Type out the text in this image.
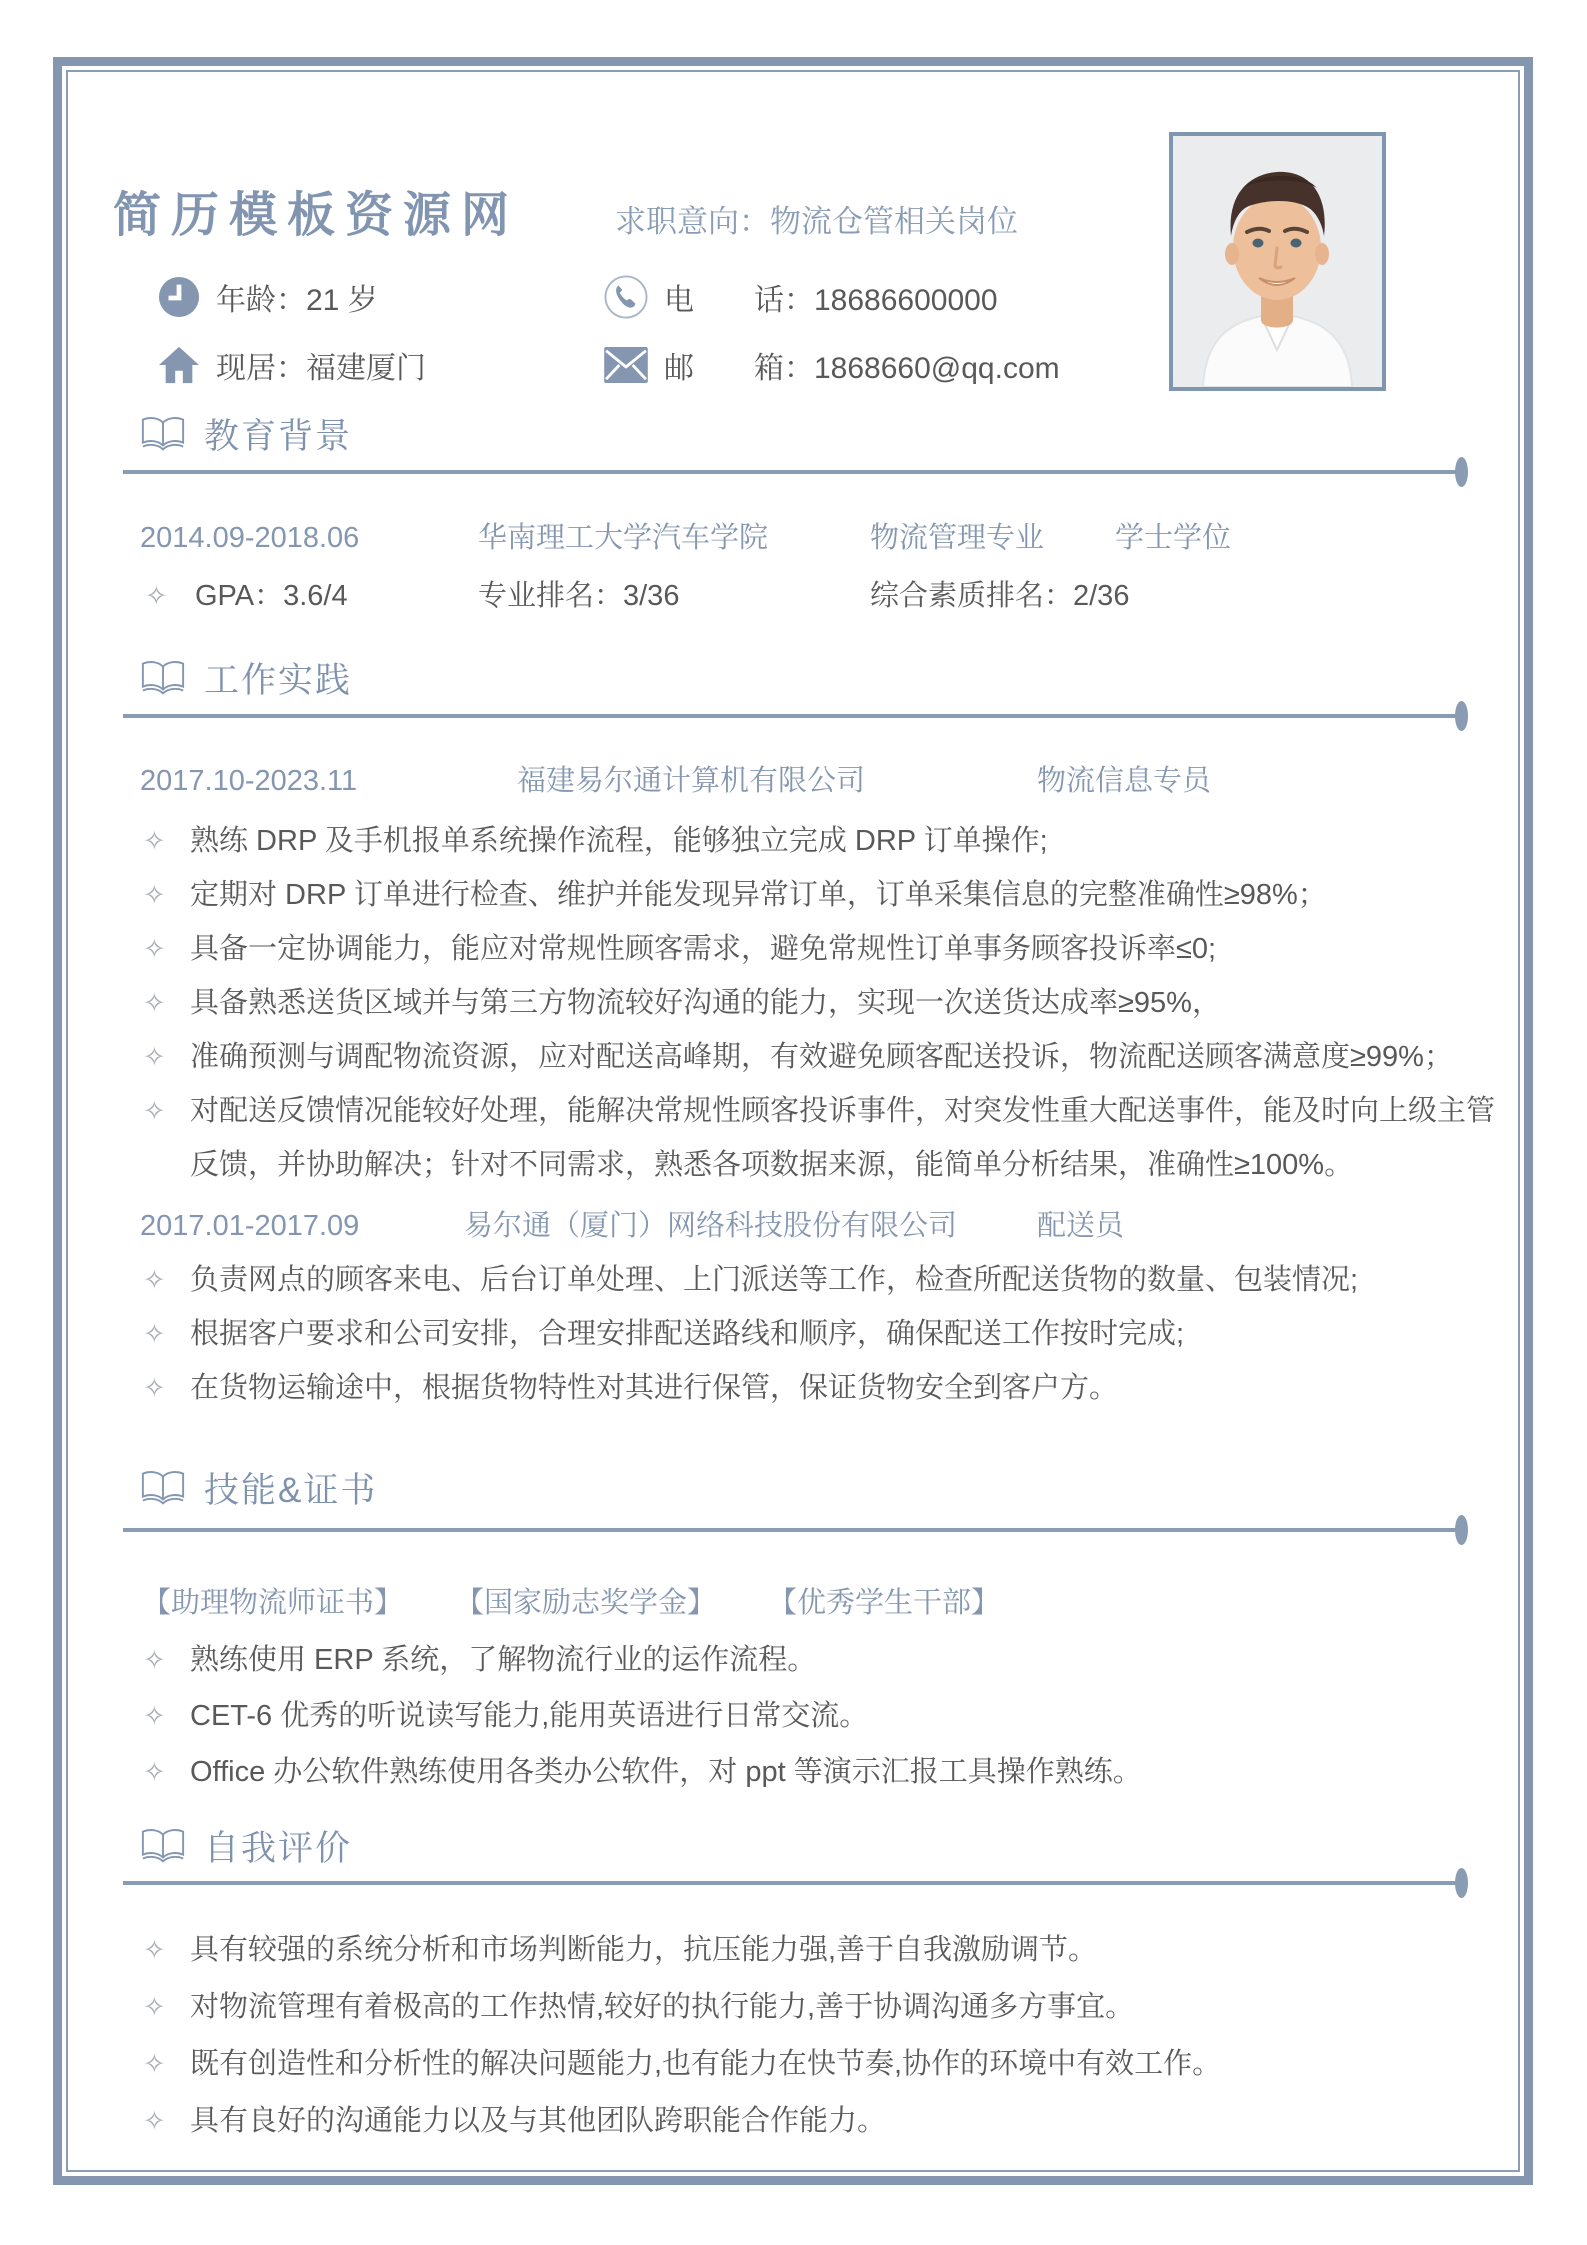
简历模板资源网	求职意向：物流仓管相关岗位
年龄：21 岁	电　　话：18686600000
现居：福建厦门	邮　　箱：1868660@qq.com
教育背景
2014.09-2018.06	华南理工大学汽车学院	物流管理专业	学士学位
✧ GPA：3.6/4	专业排名：3/36	综合素质排名：2/36
工作实践
2017.10-2023.11	福建易尔通计算机有限公司	物流信息专员
✧ 熟练 DRP 及手机报单系统操作流程，能够独立完成 DRP 订单操作;
✧ 定期对 DRP 订单进行检查、维护并能发现异常订单，订单采集信息的完整准确性≥98%；
✧ 具备一定协调能力，能应对常规性顾客需求，避免常规性订单事务顾客投诉率≤0;
✧ 具备熟悉送货区域并与第三方物流较好沟通的能力，实现一次送货达成率≥95%，
✧ 准确预测与调配物流资源，应对配送高峰期，有效避免顾客配送投诉，物流配送顾客满意度≥99%；
✧ 对配送反馈情况能较好处理，能解决常规性顾客投诉事件，对突发性重大配送事件，能及时向上级主管反馈，并协助解决；针对不同需求，熟悉各项数据来源，能简单分析结果，准确性≥100%。
2017.01-2017.09	易尔通（厦门）网络科技股份有限公司	配送员
✧ 负责网点的顾客来电、后台订单处理、上门派送等工作，检查所配送货物的数量、包装情况;
✧ 根据客户要求和公司安排，合理安排配送路线和顺序，确保配送工作按时完成;
✧ 在货物运输途中，根据货物特性对其进行保管，保证货物安全到客户方。
技能&证书
【助理物流师证书】 【国家励志奖学金】 【优秀学生干部】
✧ 熟练使用 ERP 系统，了解物流行业的运作流程。
✧ CET-6 优秀的听说读写能力,能用英语进行日常交流。
✧ Office 办公软件熟练使用各类办公软件，对 ppt 等演示汇报工具操作熟练。
自我评价
✧ 具有较强的系统分析和市场判断能力，抗压能力强,善于自我激励调节。
✧ 对物流管理有着极高的工作热情,较好的执行能力,善于协调沟通多方事宜。
✧ 既有创造性和分析性的解决问题能力,也有能力在快节奏,协作的环境中有效工作。
✧ 具有良好的沟通能力以及与其他团队跨职能合作能力。
